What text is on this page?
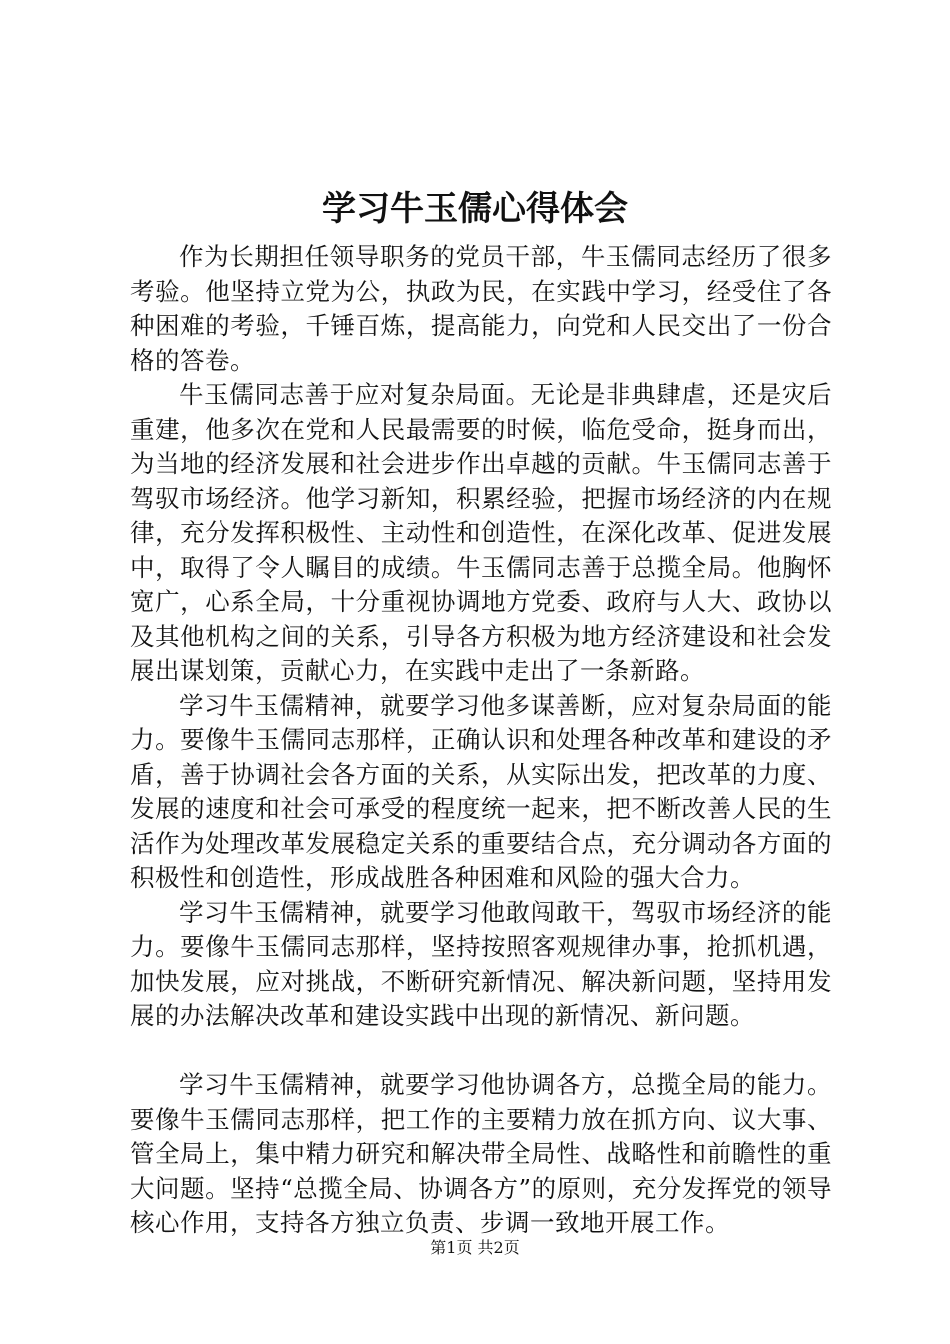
学习牛玉儒心得体会

作为长期担任领导职务的党员干部，牛玉儒同志经历了很多考验。他坚持立党为公，执政为民，在实践中学习，经受住了各种困难的考验，千锤百炼，提高能力，向党和人民交出了一份合格的答卷。

牛玉儒同志善于应对复杂局面。无论是非典肆虐，还是灾后重建，他多次在党和人民最需要的时候，临危受命，挺身而出，为当地的经济发展和社会进步作出卓越的贡献。牛玉儒同志善于驾驭市场经济。他学习新知，积累经验，把握市场经济的内在规律，充分发挥积极性、主动性和创造性，在深化改革、促进发展中，取得了令人瞩目的成绩。牛玉儒同志善于总揽全局。他胸怀宽广，心系全局，十分重视协调地方党委、政府与人大、政协以及其他机构之间的关系，引导各方积极为地方经济建设和社会发展出谋划策，贡献心力，在实践中走出了一条新路。

学习牛玉儒精神，就要学习他多谋善断，应对复杂局面的能力。要像牛玉儒同志那样，正确认识和处理各种改革和建设的矛盾，善于协调社会各方面的关系，从实际出发，把改革的力度、发展的速度和社会可承受的程度统一起来，把不断改善人民的生活作为处理改革发展稳定关系的重要结合点，充分调动各方面的积极性和创造性，形成战胜各种困难和风险的强大合力。

学习牛玉儒精神，就要学习他敢闯敢干，驾驭市场经济的能力。要像牛玉儒同志那样，坚持按照客观规律办事，抢抓机遇，加快发展，应对挑战，不断研究新情况、解决新问题，坚持用发展的办法解决改革和建设实践中出现的新情况、新问题。

学习牛玉儒精神，就要学习他协调各方，总揽全局的能力。要像牛玉儒同志那样，把工作的主要精力放在抓方向、议大事、管全局上，集中精力研究和解决带全局性、战略性和前瞻性的重大问题。坚持“总揽全局、协调各方”的原则，充分发挥党的领导核心作用，支持各方独立负责、步调一致地开展工作。

第1页 共2页
